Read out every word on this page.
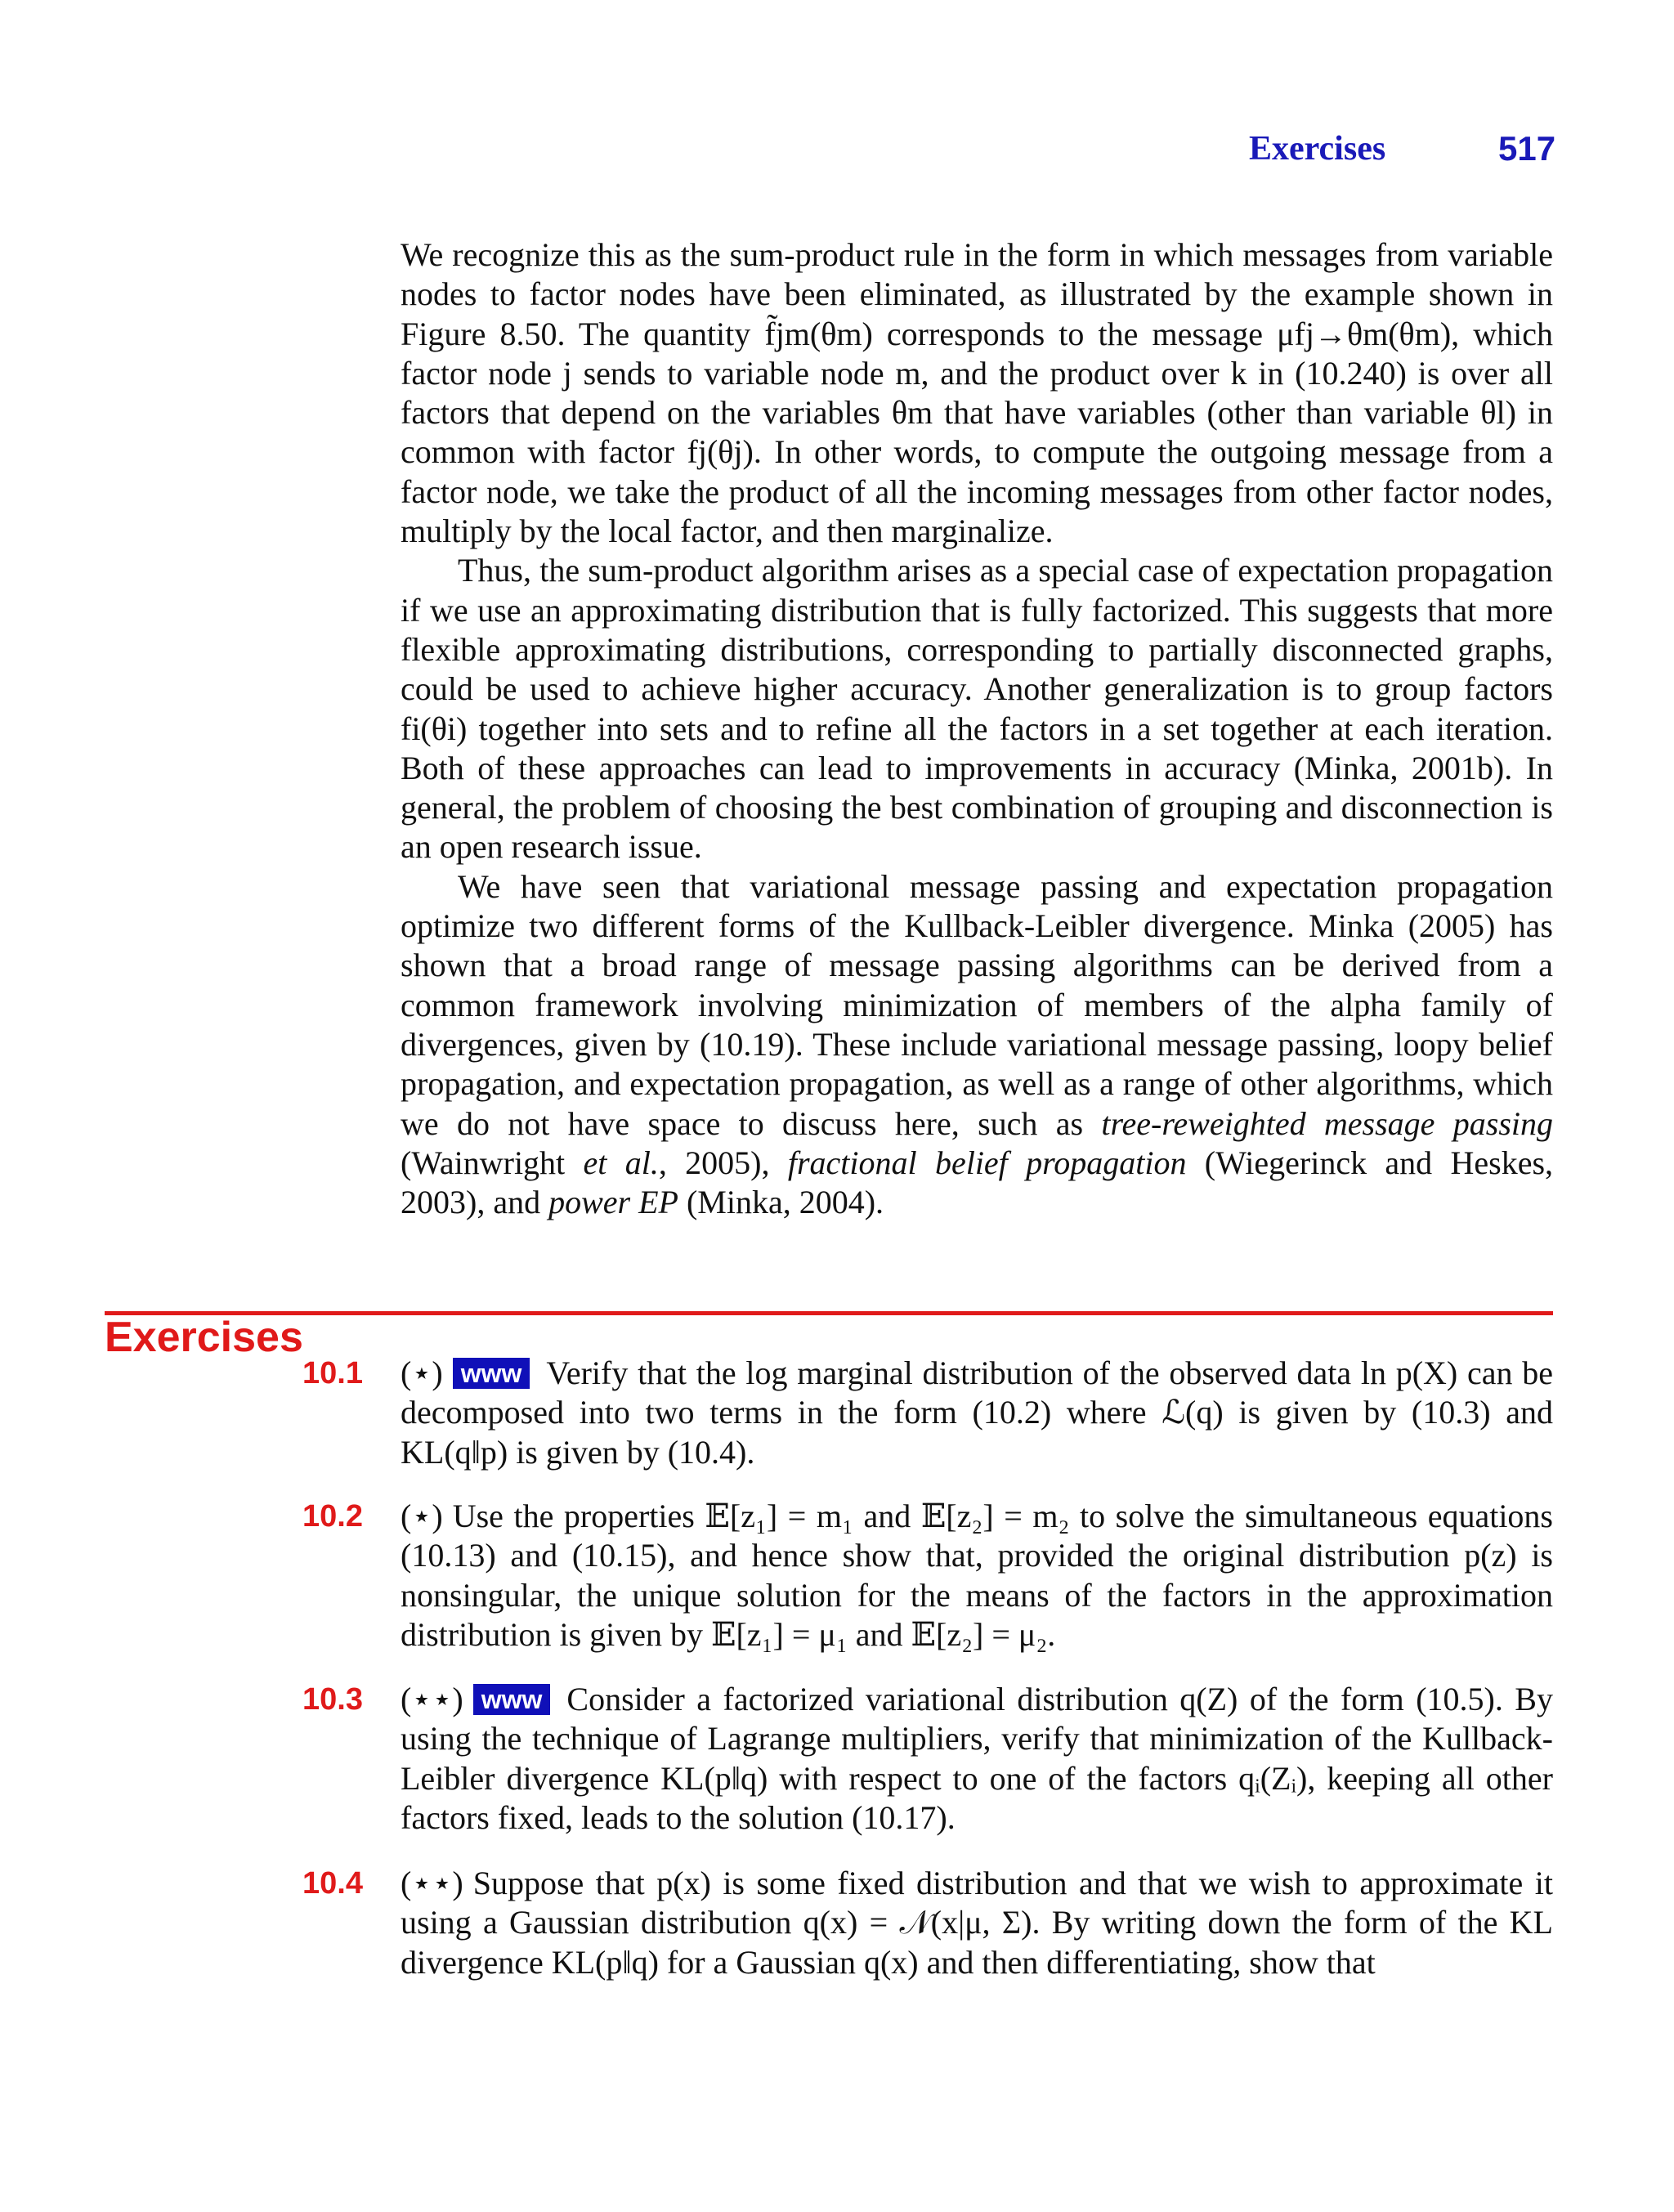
Exercises	517

We recognize this as the sum-product rule in the form in which messages from variable nodes to factor nodes have been eliminated, as illustrated by the example shown in Figure 8.50. The quantity f̃jm(θm) corresponds to the message μfj→θm(θm), which factor node j sends to variable node m, and the product over k in (10.240) is over all factors that depend on the variables θm that have variables (other than variable θl) in common with factor fj(θj). In other words, to compute the outgoing message from a factor node, we take the product of all the incoming messages from other factor nodes, multiply by the local factor, and then marginalize.

Thus, the sum-product algorithm arises as a special case of expectation propagation if we use an approximating distribution that is fully factorized. This suggests that more flexible approximating distributions, corresponding to partially disconnected graphs, could be used to achieve higher accuracy. Another generalization is to group factors fi(θi) together into sets and to refine all the factors in a set together at each iteration. Both of these approaches can lead to improvements in accuracy (Minka, 2001b). In general, the problem of choosing the best combination of grouping and disconnection is an open research issue.

We have seen that variational message passing and expectation propagation optimize two different forms of the Kullback-Leibler divergence. Minka (2005) has shown that a broad range of message passing algorithms can be derived from a common framework involving minimization of members of the alpha family of divergences, given by (10.19). These include variational message passing, loopy belief propagation, and expectation propagation, as well as a range of other algorithms, which we do not have space to discuss here, such as tree-reweighted message passing (Wainwright et al., 2005), fractional belief propagation (Wiegerinck and Heskes, 2003), and power EP (Minka, 2004).

Exercises
10.1	(⋆) www Verify that the log marginal distribution of the observed data ln p(X) can be decomposed into two terms in the form (10.2) where ℒ(q) is given by (10.3) and KL(q‖p) is given by (10.4).
10.2	(⋆) Use the properties 𝔼[z₁] = m₁ and 𝔼[z₂] = m₂ to solve the simultaneous equations (10.13) and (10.15), and hence show that, provided the original distribution p(z) is nonsingular, the unique solution for the means of the factors in the approximation distribution is given by 𝔼[z₁] = μ₁ and 𝔼[z₂] = μ₂.
10.3	(⋆⋆) www Consider a factorized variational distribution q(Z) of the form (10.5). By using the technique of Lagrange multipliers, verify that minimization of the Kullback-Leibler divergence KL(p‖q) with respect to one of the factors qᵢ(Zᵢ), keeping all other factors fixed, leads to the solution (10.17).
10.4	(⋆⋆) Suppose that p(x) is some fixed distribution and that we wish to approximate it using a Gaussian distribution q(x) = 𝒩(x|μ, Σ). By writing down the form of the KL divergence KL(p‖q) for a Gaussian q(x) and then differentiating, show that
